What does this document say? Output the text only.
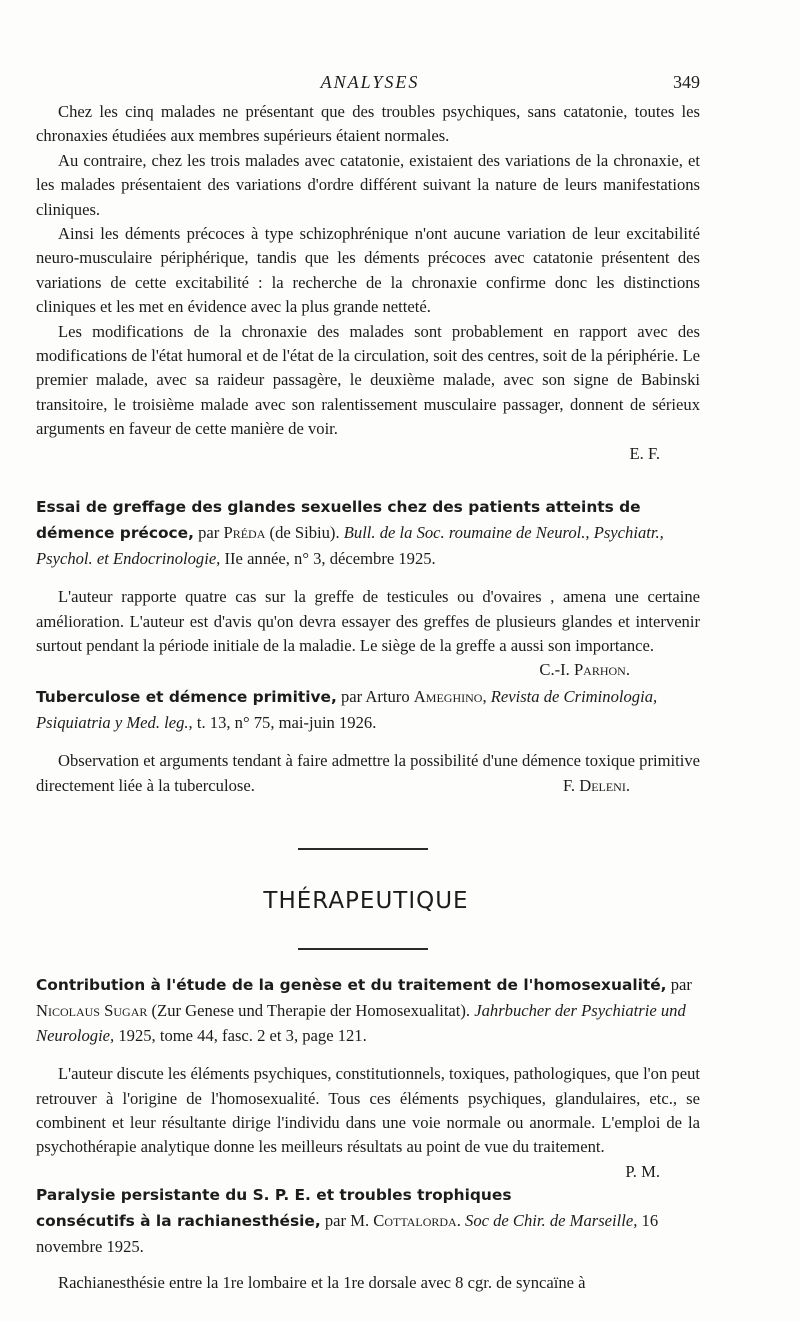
ANALYSES	349

Chez les cinq malades ne présentant que des troubles psychiques, sans catatonie, toutes les chronaxies étudiées aux membres supérieurs étaient normales.

Au contraire, chez les trois malades avec catatonie, existaient des variations de la chronaxie, et les malades présentaient des variations d'ordre différent suivant la nature de leurs manifestations cliniques.

Ainsi les déments précoces à type schizophrénique n'ont aucune variation de leur excitabilité neuro-musculaire périphérique, tandis que les déments précoces avec catatonie présentent des variations de cette excitabilité : la recherche de la chronaxie confirme donc les distinctions cliniques et les met en évidence avec la plus grande netteté.

Les modifications de la chronaxie des malades sont probablement en rapport avec des modifications de l'état humoral et de l'état de la circulation, soit des centres, soit de la périphérie. Le premier malade, avec sa raideur passagère, le deuxième malade, avec son signe de Babinski transitoire, le troisième malade avec son ralentissement musculaire passager, donnent de sérieux arguments en faveur de cette manière de voir.

E. F.
Essai de greffage des glandes sexuelles chez des patients atteints de démence précoce, par Préda (de Sibiu). Bull. de la Soc. roumaine de Neurol., Psychiatr., Psychol. et Endocrinologie, IIe année, n° 3, décembre 1925.

L'auteur rapporte quatre cas sur la greffe de testicules ou d'ovaires , amena une certaine amélioration. L'auteur est d'avis qu'on devra essayer des greffes de plusieurs glandes et intervenir surtout pendant la période initiale de la maladie. Le siège de la greffe a aussi son importance.
C.-I. Parhon.

Tuberculose et démence primitive, par Arturo Ameghino, Revista de Criminologia, Psiquiatria y Med. leg., t. 13, n° 75, mai-juin 1926.

Observation et arguments tendant à faire admettre la possibilité d'une démence toxique primitive directement liée à la tuberculose.	F. Deleni.

THÉRAPEUTIQUE
Contribution à l'étude de la genèse et du traitement de l'homosexualité, par Nicolaus Sugar (Zur Genese und Therapie der Homosexualitat). Jahrbucher der Psychiatrie und Neurologie, 1925, tome 44, fasc. 2 et 3, page 121.

L'auteur discute les éléments psychiques, constitutionnels, toxiques, pathologiques, que l'on peut retrouver à l'origine de l'homosexualité. Tous ces éléments psychiques, glandulaires, etc., se combinent et leur résultante dirige l'individu dans une voie normale ou anormale. L'emploi de la psychothérapie analytique donne les meilleurs résultats au point de vue du traitement.
P. M.

Paralysie persistante du S. P. E. et troubles trophiques consécutifs à la rachianesthésie, par M. Cottalorda. Soc de Chir. de Marseille, 16 novembre 1925.

Rachianesthésie entre la 1re lombaire et la 1re dorsale avec 8 cgr. de syncaïne à
